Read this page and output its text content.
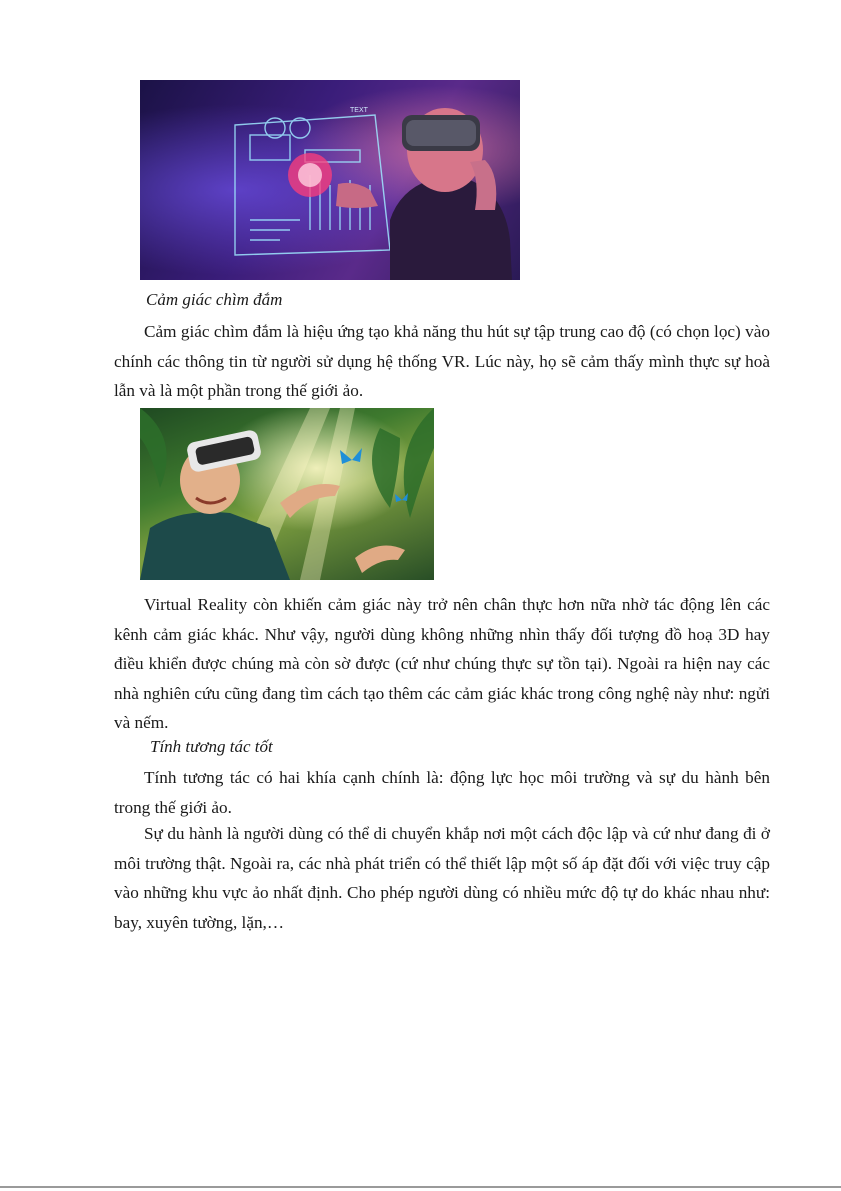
TEXT

Cảm giác chìm đắm

Cảm giác chìm đắm là hiệu ứng tạo khả năng thu hút sự tập trung cao độ (có chọn lọc) vào chính các thông tin từ người sử dụng hệ thống VR. Lúc này, họ sẽ cảm thấy mình thực sự hoà lẫn và là một phần trong thế giới ảo.

Virtual Reality còn khiến cảm giác này trở nên chân thực hơn nữa nhờ tác động lên các kênh cảm giác khác. Như vậy, người dùng không những nhìn thấy đối tượng đồ hoạ 3D hay điều khiển được chúng mà còn sờ được (cứ như chúng thực sự tồn tại). Ngoài ra hiện nay các nhà nghiên cứu cũng đang tìm cách tạo thêm các cảm giác khác trong công nghệ này như: ngửi và nếm.

Tính tương tác tốt

Tính tương tác có hai khía cạnh chính là: động lực học môi trường và sự du hành bên trong thế giới ảo.

Sự du hành là người dùng có thể di chuyển khắp nơi một cách độc lập và cứ như đang đi ở môi trường thật. Ngoài ra, các nhà phát triển có thể thiết lập một số áp đặt đối với việc truy cập vào những khu vực ảo nhất định. Cho phép người dùng có nhiều mức độ tự do khác nhau như: bay, xuyên tường, lặn,…
